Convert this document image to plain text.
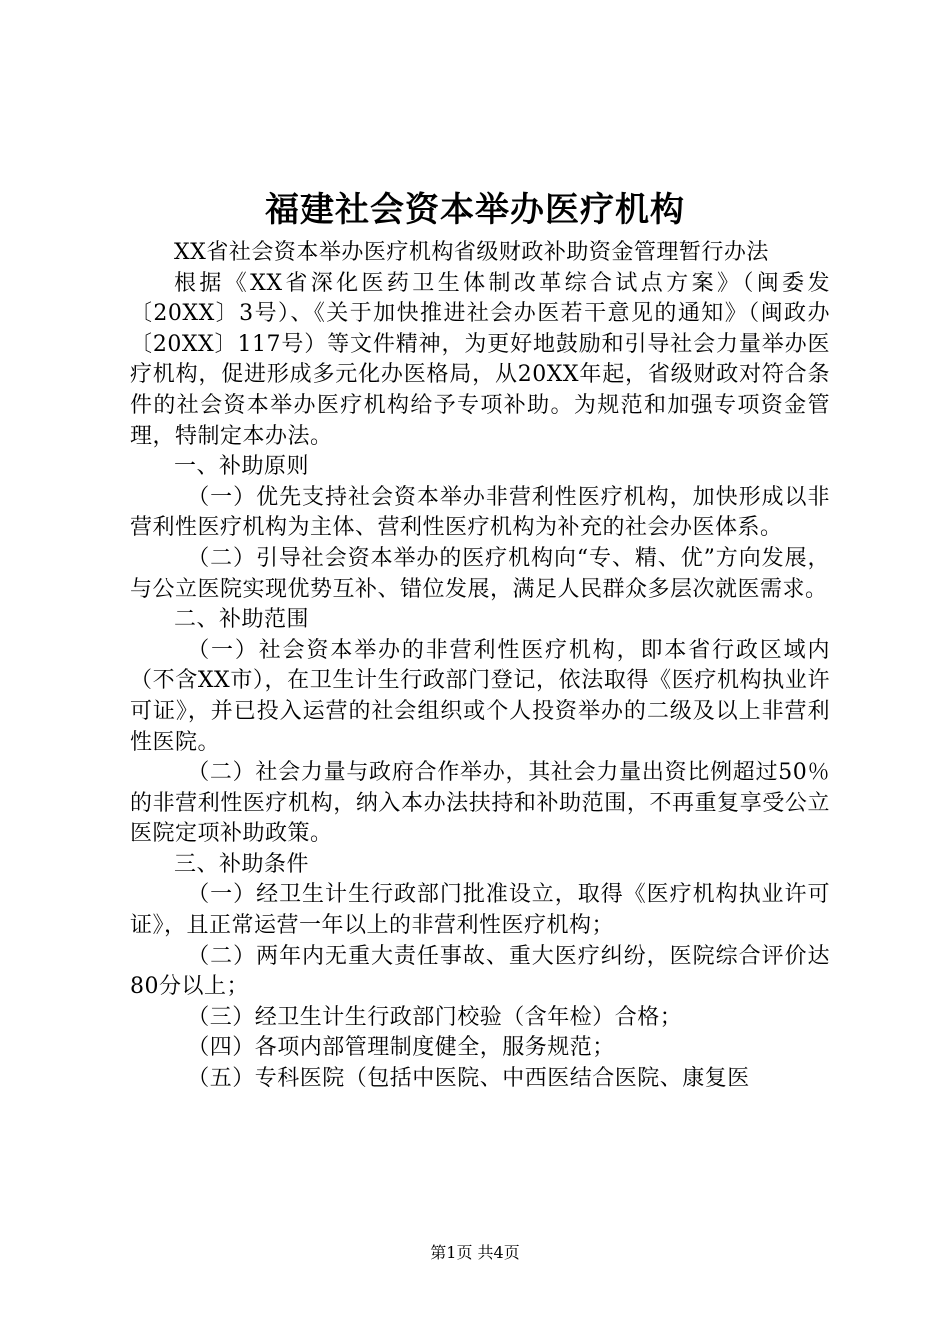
福建社会资本举办医疗机构

XX省社会资本举办医疗机构省级财政补助资金管理暂行办法

根据《XX省深化医药卫生体制改革综合试点方案》（闽委发〔20XX〕3号）、《关于加快推进社会办医若干意见的通知》（闽政办〔20XX〕117号）等文件精神，为更好地鼓励和引导社会力量举办医疗机构，促进形成多元化办医格局，从20XX年起，省级财政对符合条件的社会资本举办医疗机构给予专项补助。为规范和加强专项资金管理，特制定本办法。

一、补助原则

（一）优先支持社会资本举办非营利性医疗机构，加快形成以非营利性医疗机构为主体、营利性医疗机构为补充的社会办医体系。

（二）引导社会资本举办的医疗机构向“专、精、优”方向发展，与公立医院实现优势互补、错位发展，满足人民群众多层次就医需求。

二、补助范围

（一）社会资本举办的非营利性医疗机构，即本省行政区域内（不含XX市），在卫生计生行政部门登记，依法取得《医疗机构执业许可证》，并已投入运营的社会组织或个人投资举办的二级及以上非营利性医院。

（二）社会力量与政府合作举办，其社会力量出资比例超过50％的非营利性医疗机构，纳入本办法扶持和补助范围，不再重复享受公立医院定项补助政策。

三、补助条件

（一）经卫生计生行政部门批准设立，取得《医疗机构执业许可证》，且正常运营一年以上的非营利性医疗机构；

（二）两年内无重大责任事故、重大医疗纠纷，医院综合评价达80分以上；

（三）经卫生计生行政部门校验（含年检）合格；

（四）各项内部管理制度健全，服务规范；

（五）专科医院（包括中医院、中西医结合医院、康复医

第1页 共4页
